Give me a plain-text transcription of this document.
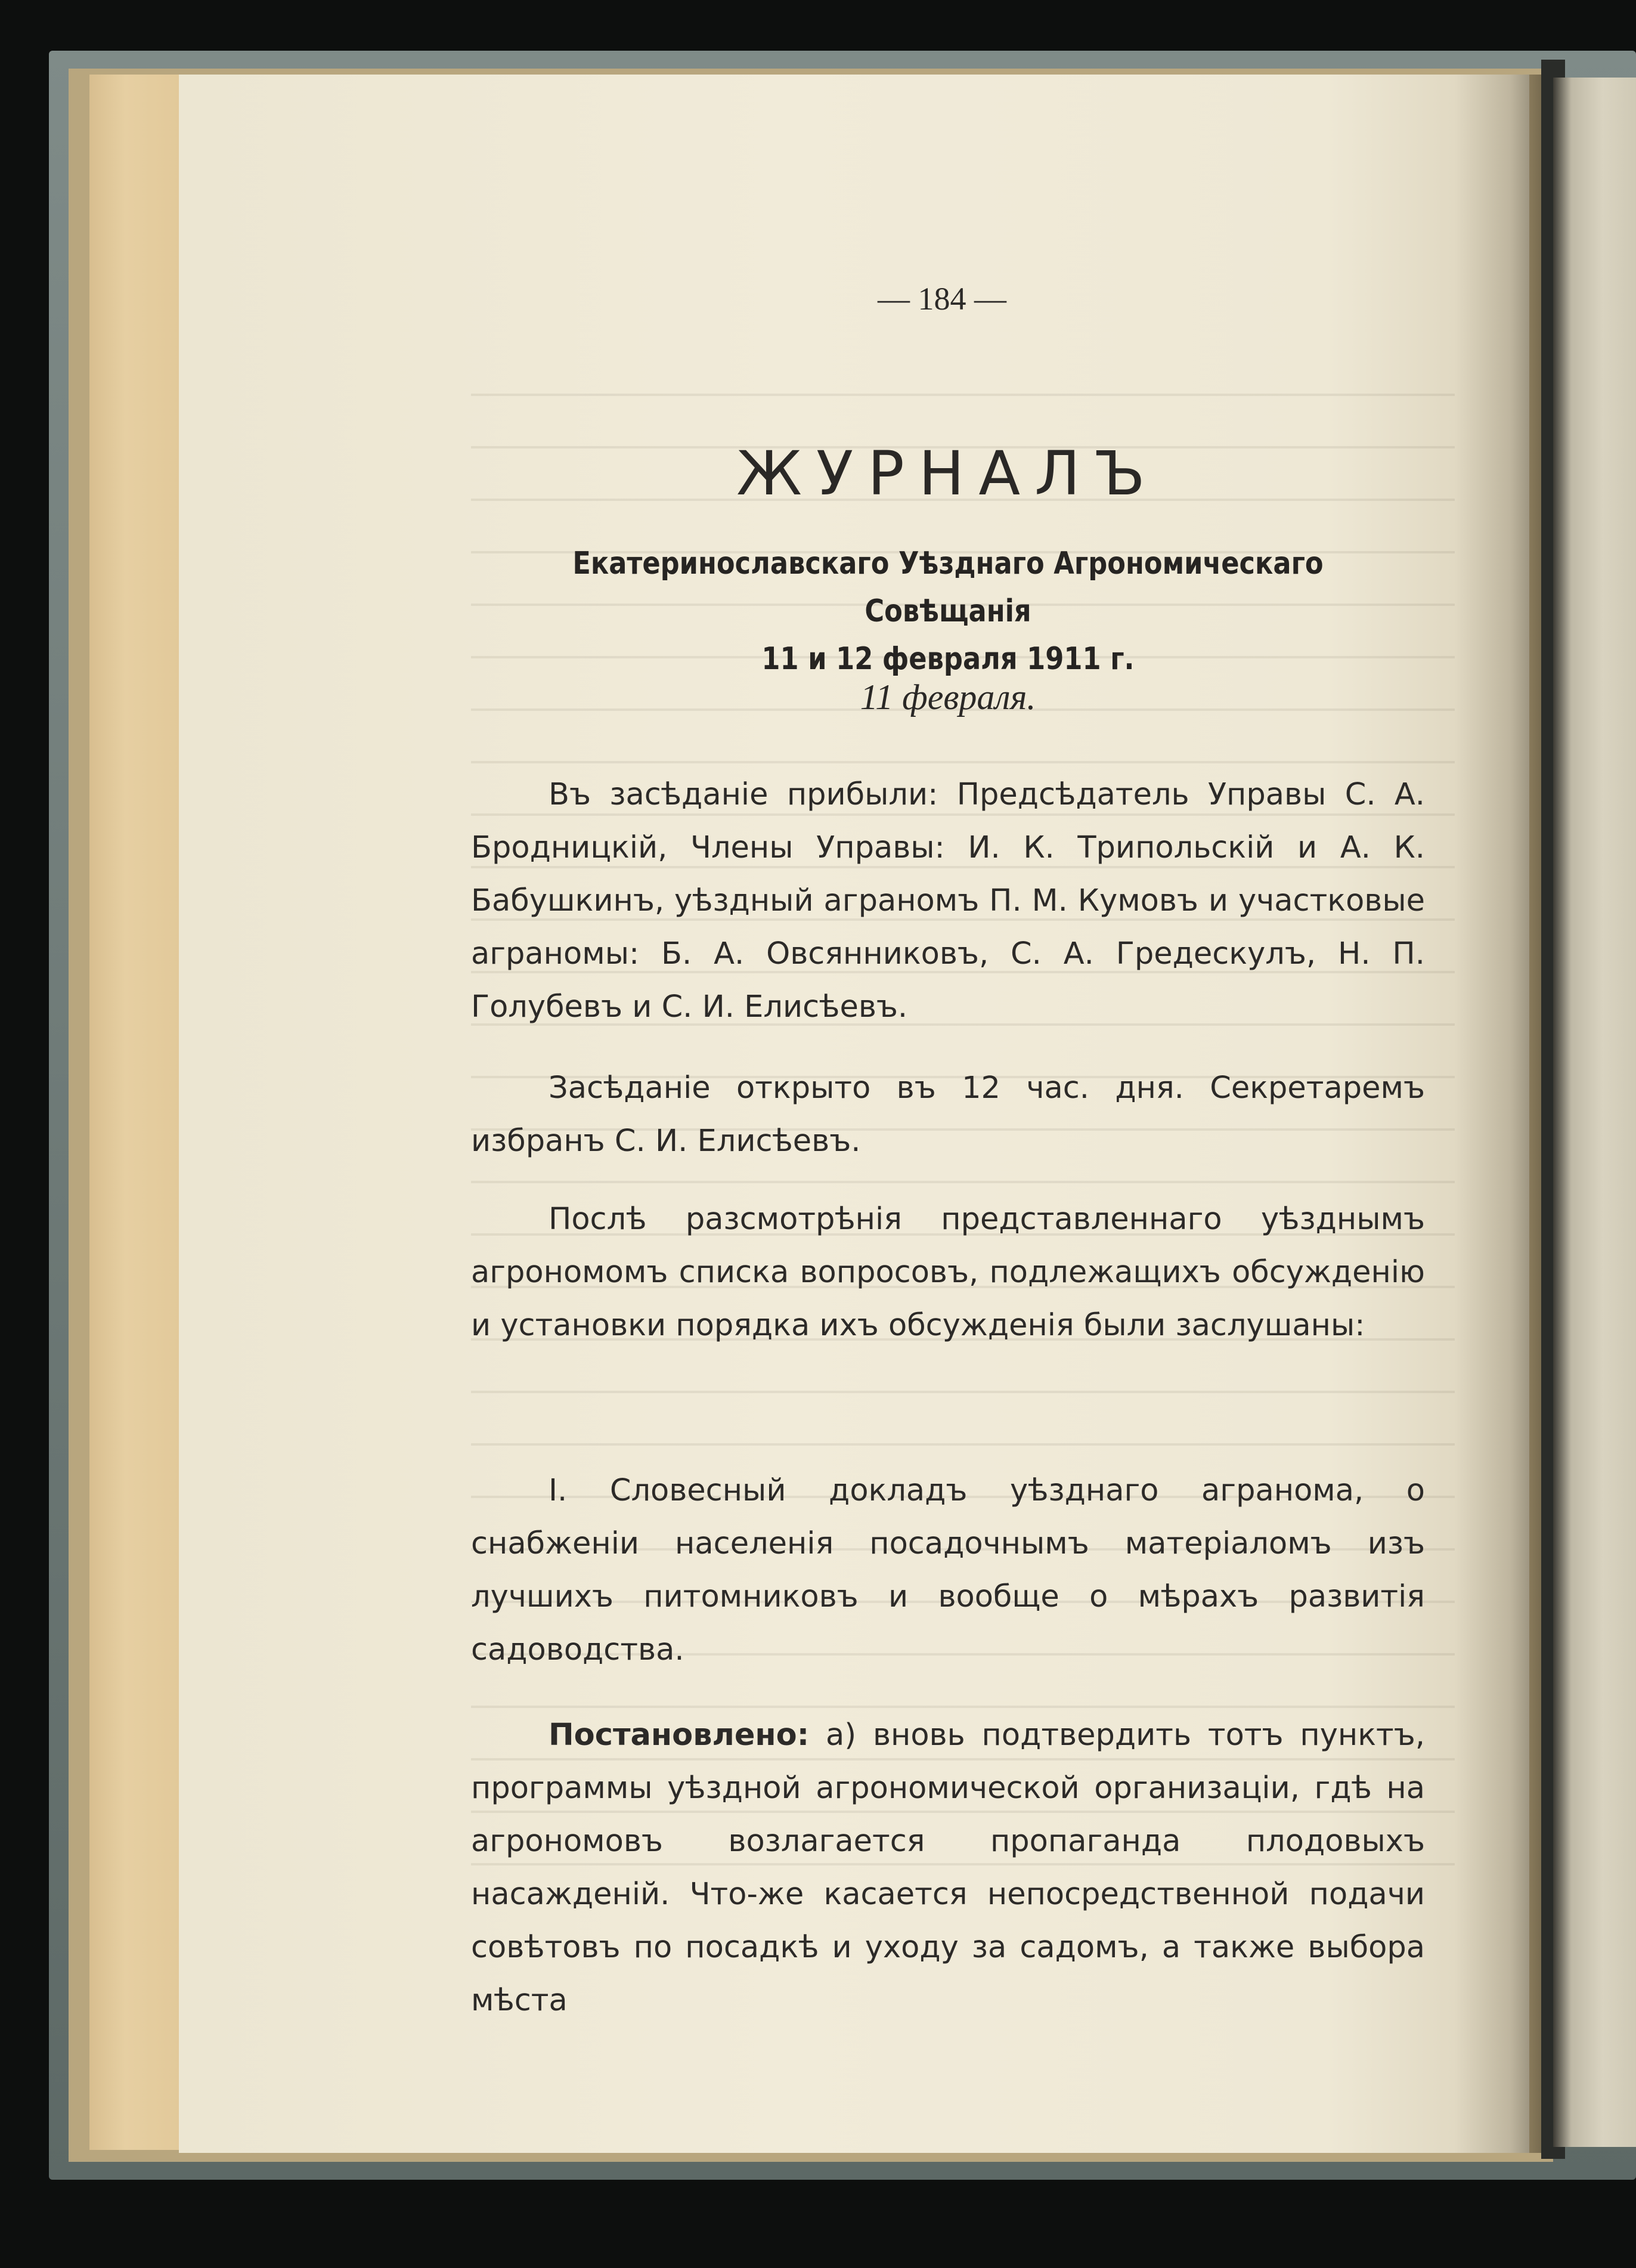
— 184 —
ЖУРНАЛЪ
Екатеринославскаго Уѣзднаго Агрономическаго Совѣщанія
11 и 12 февраля 1911 г.
11 февраля.
Въ засѣданіе прибыли: Предсѣдатель Управы С. А. Бродницкій, Члены Управы: И. К. Трипольскій и А. К. Бабушкинъ, уѣздный аграномъ П. М. Кумовъ и участковые аграномы: Б. А. Овсянниковъ, С. А. Гредескулъ, Н. П. Голубевъ и С. И. Елисѣевъ.
Засѣданіе открыто въ 12 час. дня. Секретаремъ избранъ С. И. Елисѣевъ.
Послѣ разсмотрѣнія представленнаго уѣзднымъ агрономомъ списка вопросовъ, подлежащихъ обсужденію и установки порядка ихъ обсужденія были заслушаны:
I. Словесный докладъ уѣзднаго агранома, о снабженіи населенія посадочнымъ матеріаломъ изъ лучшихъ питомниковъ и вообще о мѣрахъ развитія садоводства.
Постановлено: а) вновь подтвердить тотъ пунктъ, программы уѣздной агрономической организаціи, гдѣ на агрономовъ возлагается пропаганда плодовыхъ насажденій. Что-же касается непосредственной подачи совѣтовъ по посадкѣ и уходу за садомъ, а также выбора мѣста
